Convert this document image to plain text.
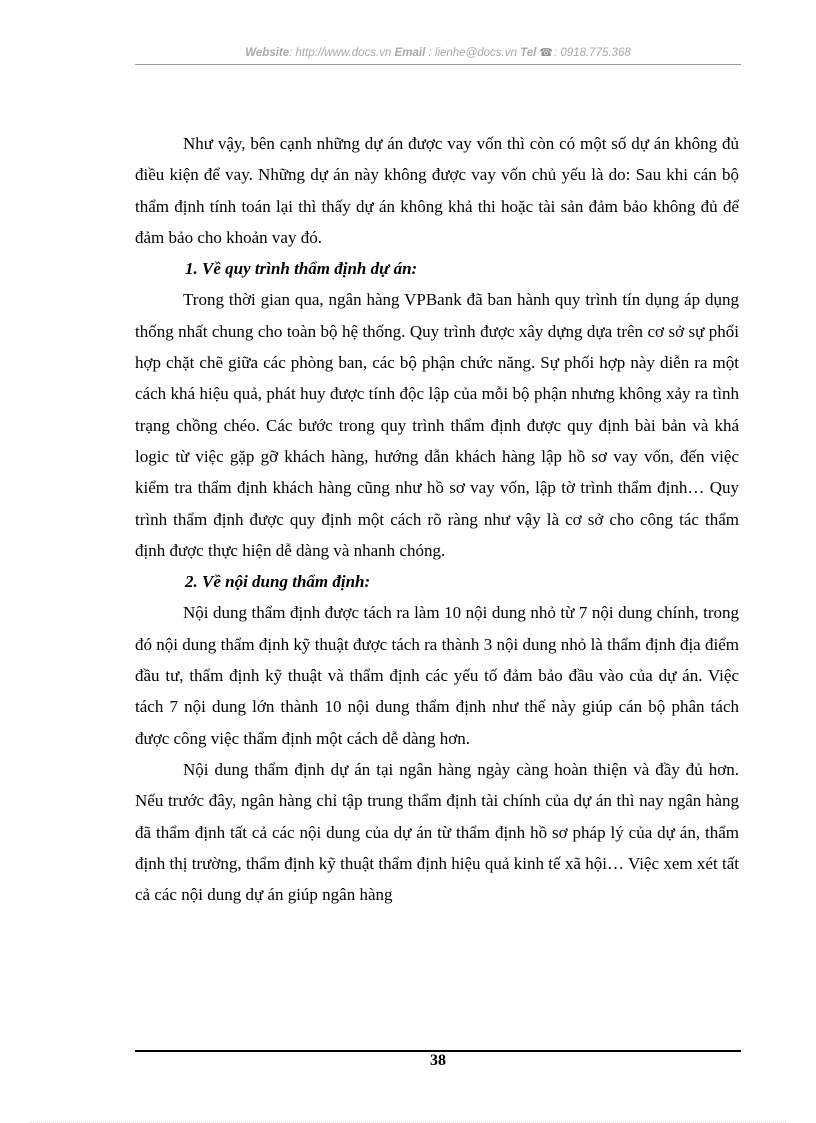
Website: http://www.docs.vn Email : lienhe@docs.vn Tel ☎: 0918.775.368

Như vậy, bên cạnh những dự án được vay vốn thì còn có một số dự án không đủ điều kiện để vay. Những dự án này không được vay vốn chủ yếu là do: Sau khi cán bộ thẩm định tính toán lại thì thấy dự án không khả thi hoặc tài sản đảm bảo không đủ để đảm bảo cho khoản vay đó.

1. Về quy trình thẩm định dự án:

Trong thời gian qua, ngân hàng VPBank đã ban hành quy trình tín dụng áp dụng thống nhất chung cho toàn bộ hệ thống. Quy trình được xây dựng dựa trên cơ sở sự phối hợp chặt chẽ giữa các phòng ban, các bộ phận chức năng. Sự phối hợp này diễn ra một cách khá hiệu quả, phát huy được tính độc lập của mỗi bộ phận nhưng không xảy ra tình trạng chồng chéo. Các bước trong quy trình thẩm định được quy định bài bản và khá logic từ việc gặp gỡ khách hàng, hướng dẫn khách hàng lập hồ sơ vay vốn, đến việc kiểm tra thẩm định khách hàng cũng như hồ sơ vay vốn, lập tờ trình thẩm định… Quy trình thẩm định được quy định một cách rõ ràng như vậy là cơ sở cho công tác thẩm định được thực hiện dễ dàng và nhanh chóng.

2. Về nội dung thẩm định:

Nội dung thẩm định được tách ra làm 10 nội dung nhỏ từ 7 nội dung chính, trong đó nội dung thẩm định kỹ thuật được tách ra thành 3 nội dung nhỏ là thẩm định địa điểm đầu tư, thẩm định kỹ thuật và thẩm định các yếu tố đảm bảo đầu vào của dự án. Việc tách 7 nội dung lớn thành 10 nội dung thẩm định như thế này giúp cán bộ phân tách được công việc thẩm định một cách dễ dàng hơn.

Nội dung thẩm định dự án tại ngân hàng ngày càng hoàn thiện và đầy đủ hơn. Nếu trước đây, ngân hàng chỉ tập trung thẩm định tài chính của dự án thì nay ngân hàng đã thẩm định tất cả các nội dung của dự án từ thẩm định hồ sơ pháp lý của dự án, thẩm định thị trường, thẩm định kỹ thuật thẩm định hiệu quả kinh tế xã hội… Việc xem xét tất cả các nội dung dự án giúp ngân hàng

38
